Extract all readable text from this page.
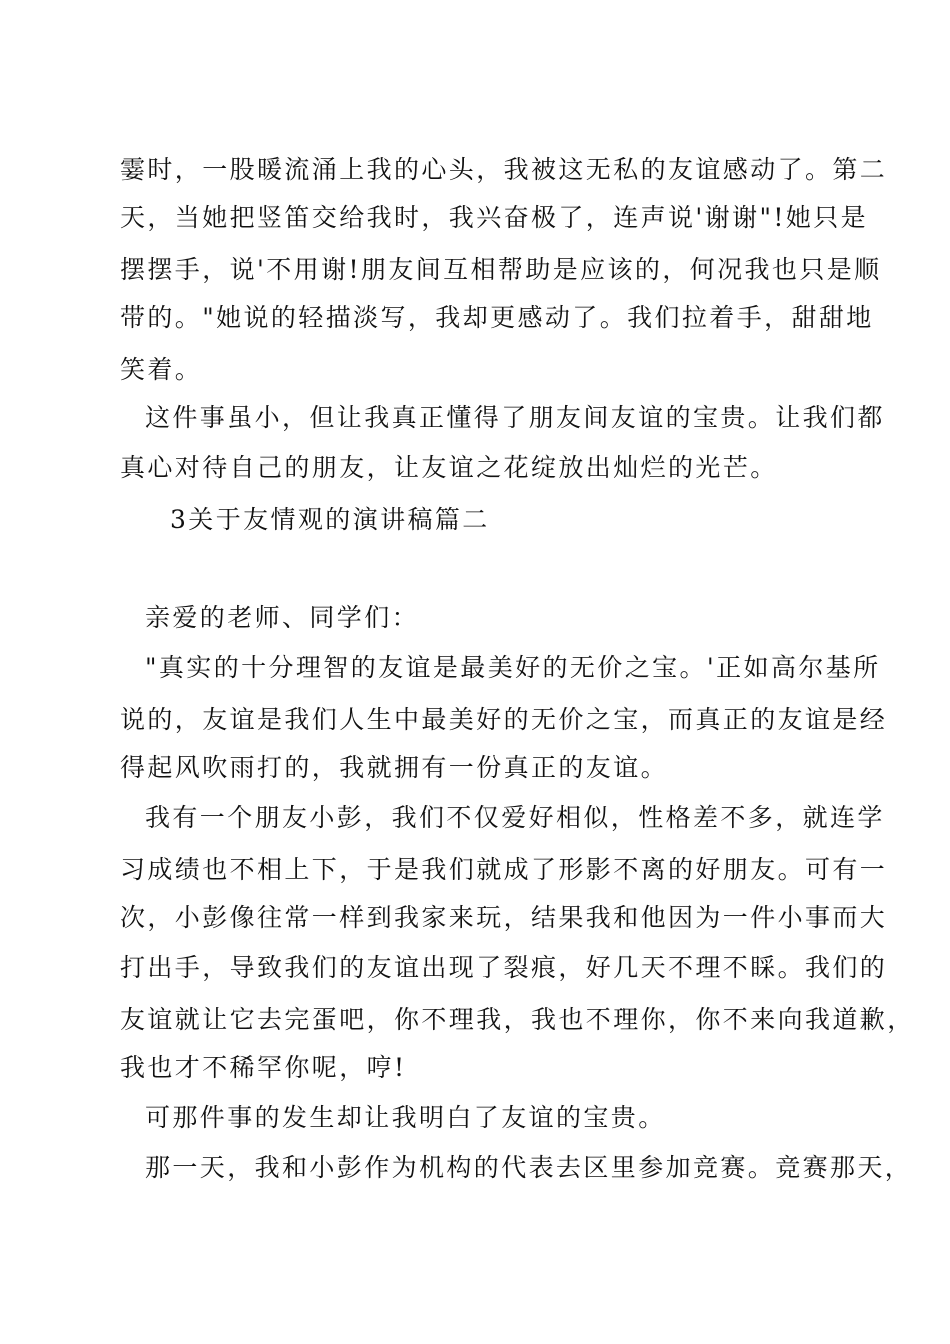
霎时，一股暖流涌上我的心头，我被这无私的友谊感动了。第二
天，当她把竖笛交给我时，我兴奋极了，连声说'谢谢"!她只是
摆摆手，说'不用谢!朋友间互相帮助是应该的，何况我也只是顺
带的。"她说的轻描淡写，我却更感动了。我们拉着手，甜甜地
笑着。
这件事虽小，但让我真正懂得了朋友间友谊的宝贵。让我们都
真心对待自己的朋友，让友谊之花绽放出灿烂的光芒。
3关于友情观的演讲稿篇二
亲爱的老师、同学们：
"真实的十分理智的友谊是最美好的无价之宝。'正如高尔基所
说的，友谊是我们人生中最美好的无价之宝，而真正的友谊是经
得起风吹雨打的，我就拥有一份真正的友谊。
我有一个朋友小彭，我们不仅爱好相似，性格差不多，就连学
习成绩也不相上下，于是我们就成了形影不离的好朋友。可有一
次，小彭像往常一样到我家来玩，结果我和他因为一件小事而大
打出手，导致我们的友谊出现了裂痕，好几天不理不睬。我们的
友谊就让它去完蛋吧，你不理我，我也不理你，你不来向我道歉，
我也才不稀罕你呢，哼!
可那件事的发生却让我明白了友谊的宝贵。
那一天，我和小彭作为机构的代表去区里参加竞赛。竞赛那天，
